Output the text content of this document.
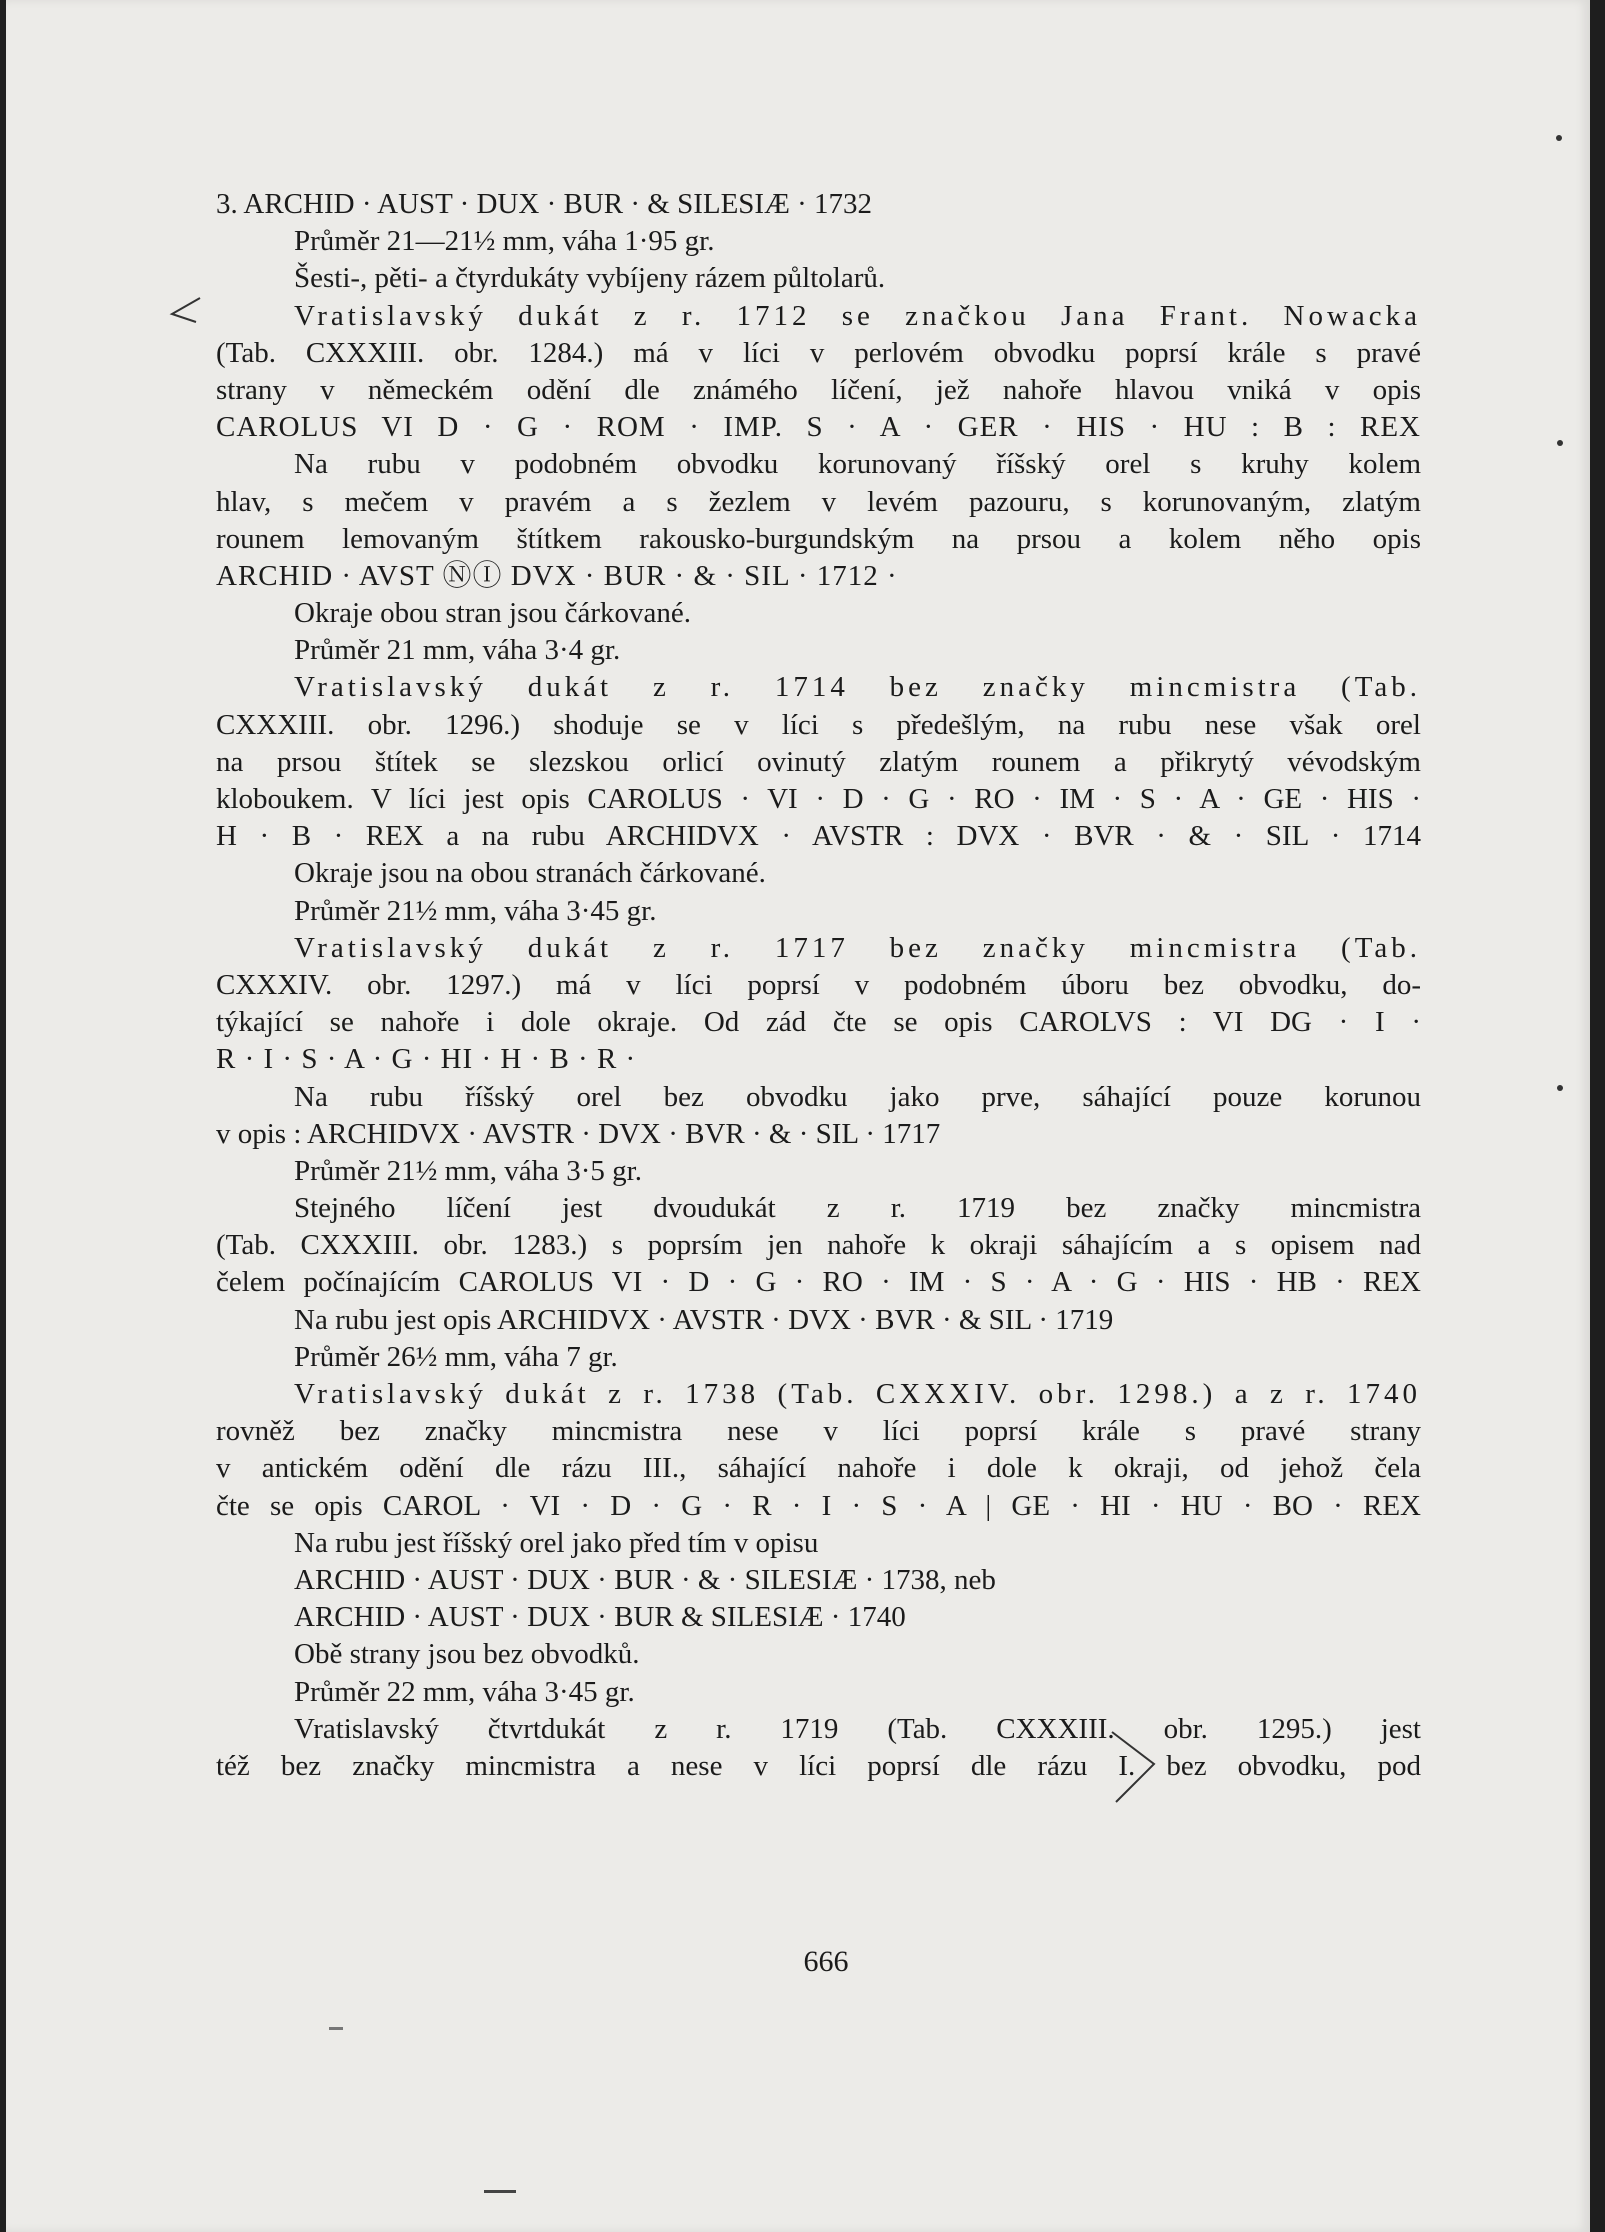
3. ARCHID · AUST · DUX · BUR · & SILESIÆ · 1732
Průměr 21—21½ mm, váha 1·95 gr.
Šesti-, pěti- a čtyrdukáty vybíjeny rázem půltolarů.
Vratislavský dukát z r. 1712 se značkou Jana Frant. Nowacka
(Tab. CXXXIII. obr. 1284.) má v líci v perlovém obvodku poprsí krále s pravé
strany v německém odění dle známého líčení, jež nahoře hlavou vniká v opis
CAROLUS VI D · G · ROM · IMP. S · A · GER · HIS · HU : B : REX
Na rubu v podobném obvodku korunovaný říšský orel s kruhy kolem
hlav, s mečem v pravém a s žezlem v levém pazouru, s korunovaným, zlatým
rounem lemovaným štítkem rakousko-burgundským na prsou a kolem něho opis
ARCHID · AVST ⓃⒾ DVX · BUR · & · SIL · 1712 ·
Okraje obou stran jsou čárkované.
Průměr 21 mm, váha 3·4 gr.
Vratislavský dukát z r. 1714 bez značky mincmistra (Tab.
CXXXIII. obr. 1296.) shoduje se v líci s předešlým, na rubu nese však orel
na prsou štítek se slezskou orlicí ovinutý zlatým rounem a přikrytý vévodským
kloboukem. V líci jest opis CAROLUS · VI · D · G · RO · IM · S · A · GE · HIS ·
H · B · REX a na rubu ARCHIDVX · AVSTR : DVX · BVR · & · SIL · 1714
Okraje jsou na obou stranách čárkované.
Průměr 21½ mm, váha 3·45 gr.
Vratislavský dukát z r. 1717 bez značky mincmistra (Tab.
CXXXIV. obr. 1297.) má v líci poprsí v podobném úboru bez obvodku, do-
týkající se nahoře i dole okraje. Od zád čte se opis CAROLVS : VI DG · I ·
R · I · S · A · G · HI · H · B · R ·
Na rubu říšský orel bez obvodku jako prve, sáhající pouze korunou
v opis : ARCHIDVX · AVSTR · DVX · BVR · & · SIL · 1717
Průměr 21½ mm, váha 3·5 gr.
Stejného líčení jest dvoudukát z r. 1719 bez značky mincmistra
(Tab. CXXXIII. obr. 1283.) s poprsím jen nahoře k okraji sáhajícím a s opisem nad
čelem počínajícím CAROLUS VI · D · G · RO · IM · S · A · G · HIS · HB · REX
Na rubu jest opis ARCHIDVX · AVSTR · DVX · BVR · & SIL · 1719
Průměr 26½ mm, váha 7 gr.
Vratislavský dukát z r. 1738 (Tab. CXXXIV. obr. 1298.) a z r. 1740
rovněž bez značky mincmistra nese v líci poprsí krále s pravé strany
v antickém odění dle rázu III., sáhající nahoře i dole k okraji, od jehož čela
čte se opis CAROL · VI · D · G · R · I · S · A | GE · HI · HU · BO · REX
Na rubu jest říšský orel jako před tím v opisu
ARCHID · AUST · DUX · BUR · & · SILESIÆ · 1738, neb
ARCHID · AUST · DUX · BUR & SILESIÆ · 1740
Obě strany jsou bez obvodků.
Průměr 22 mm, váha 3·45 gr.
Vratislavský čtvrtdukát z r. 1719 (Tab. CXXXIII. obr. 1295.) jest
též bez značky mincmistra a nese v líci poprsí dle rázu I. bez obvodku, pod
666
